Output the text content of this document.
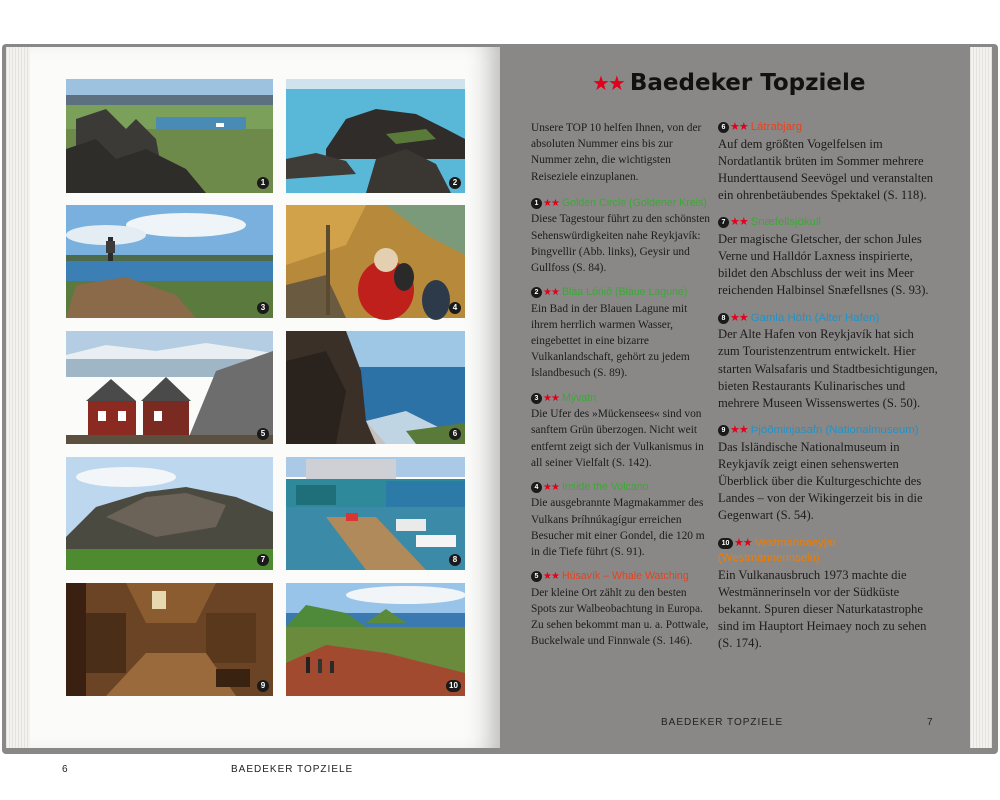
1	2
3	4
5	6
7	8
9	10
6	BAEDEKER TOPZIELE
★★ Baedeker Topziele

Unsere TOP 10 helfen Ihnen, von der absoluten Nummer eins bis zur Nummer zehn, die wichtigsten Reiseziele einzuplanen.

1 ★★ Golden Circle (Goldener Kreis)

Diese Tagestour führt zu den schönsten Sehenswürdigkeiten nahe Reykjavík: Þingvellir (Abb. links), Geysir und Gullfoss (S. 84).

2 ★★ Bláa Lónið (Blaue Lagune)

Ein Bad in der Blauen Lagune mit ihrem herrlich warmen Wasser, eingebettet in eine bizarre Vulkanlandschaft, gehört zu jedem Islandbesuch (S. 89).

3 ★★ Mývatn

Die Ufer des »Mückensees« sind von sanftem Grün überzogen. Nicht weit entfernt zeigt sich der Vulkanismus in all seiner Vielfalt (S. 142).

4 ★★ Inside the Volcano

Die ausgebrannte Magmakammer des Vulkans Þríhnúkagígur erreichen Besucher mit einer Gondel, die 120 m in die Tiefe führt (S. 91).

5 ★★ Húsavík – Whale Watching

Der kleine Ort zählt zu den besten Spots zur Walbeobachtung in Europa. Zu sehen bekommt man u. a. Pottwale, Buckelwale und Finnwale (S. 146).

6 ★★ Látrabjarg

Auf dem größten Vogelfelsen im Nordatlantik brüten im Sommer mehrere Hunderttausend Seevögel und veranstalten ein ohrenbetäubendes Spektakel (S. 118).

7 ★★ Snæfellsjökull

Der magische Gletscher, der schon Jules Verne und Halldór Laxness inspirierte, bildet den Abschluss der weit ins Meer reichenden Halbinsel Snæfellsnes (S. 93).

8 ★★ Gamla Höfn (Alter Hafen)

Der Alte Hafen von Reykjavík hat sich zum Touristenzentrum entwickelt. Hier starten Walsafaris und Stadtbesichtigungen, bieten Restaurants Kulinarisches und mehrere Museen Wissenswertes (S. 50).

9 ★★ Þjóðminjasafn (Nationalmuseum)

Das Isländische Nationalmuseum in Reykjavík zeigt einen sehenswerten Überblick über die Kulturgeschichte des Landes – von der Wikingerzeit bis in die Gegenwart (S. 54).

10 ★★ Vestmannaeyjar (Westmännerinseln)

Ein Vulkanausbruch 1973 machte die Westmännerinseln vor der Südküste bekannt. Spuren dieser Naturkatastrophe sind im Hauptort Heimaey noch zu sehen (S. 174).

BAEDEKER TOPZIELE	7
